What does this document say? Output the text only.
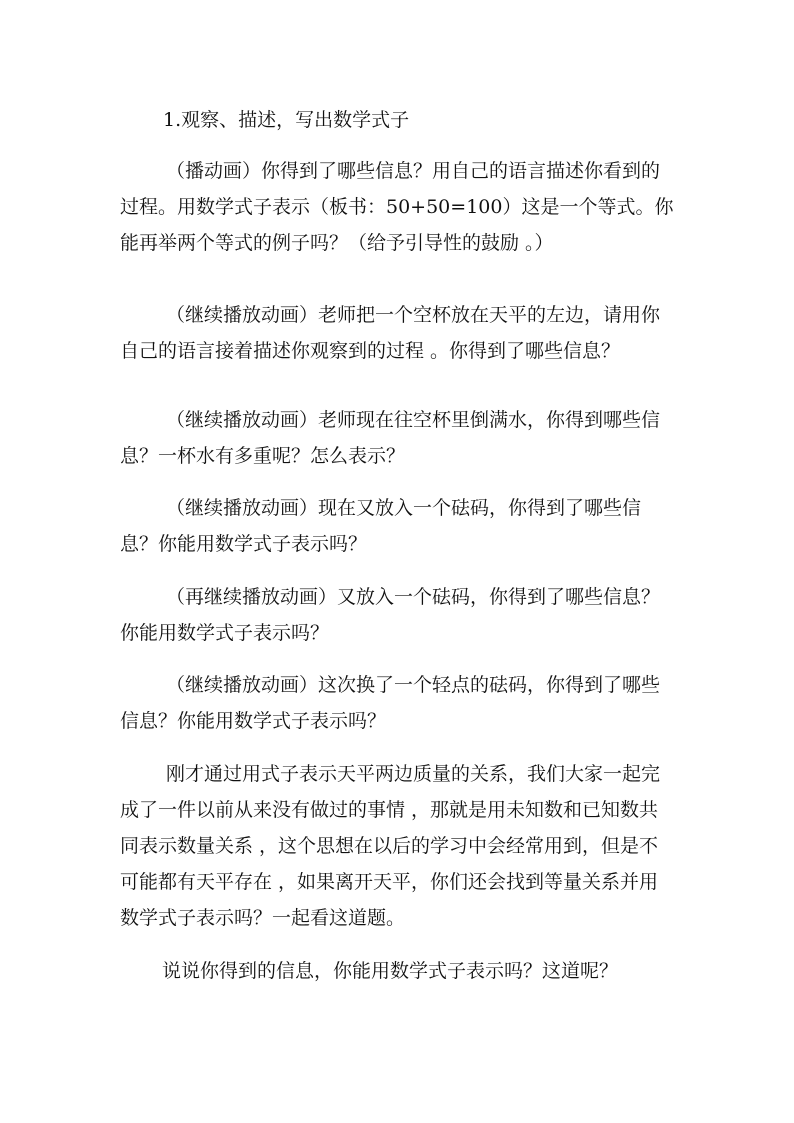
1.观察、描述，写出数学式子

（播动画）你得到了哪些信息？用自己的语言描述你看到的过程。用数学式子表示（板书：50+50=100）这是一个等式。你能再举两个等式的例子吗？（给予引导性的鼓励 。）

（继续播放动画）老师把一个空杯放在天平的左边，请用你自己的语言接着描述你观察到的过程 。你得到了哪些信息？

（继续播放动画）老师现在往空杯里倒满水，你得到哪些信息？一杯水有多重呢？怎么表示？

（继续播放动画）现在又放入一个砝码，你得到了哪些信息？你能用数学式子表示吗？

（再继续播放动画）又放入一个砝码，你得到了哪些信息？你能用数学式子表示吗？

（继续播放动画）这次换了一个轻点的砝码，你得到了哪些信息？你能用数学式子表示吗？

刚才通过用式子表示天平两边质量的关系，我们大家一起完成了一件以前从来没有做过的事情 ，那就是用未知数和已知数共同表示数量关系 ，这个思想在以后的学习中会经常用到，但是不可能都有天平存在 ，如果离开天平，你们还会找到等量关系并用数学式子表示吗？一起看这道题。

说说你得到的信息，你能用数学式子表示吗？这道呢？
